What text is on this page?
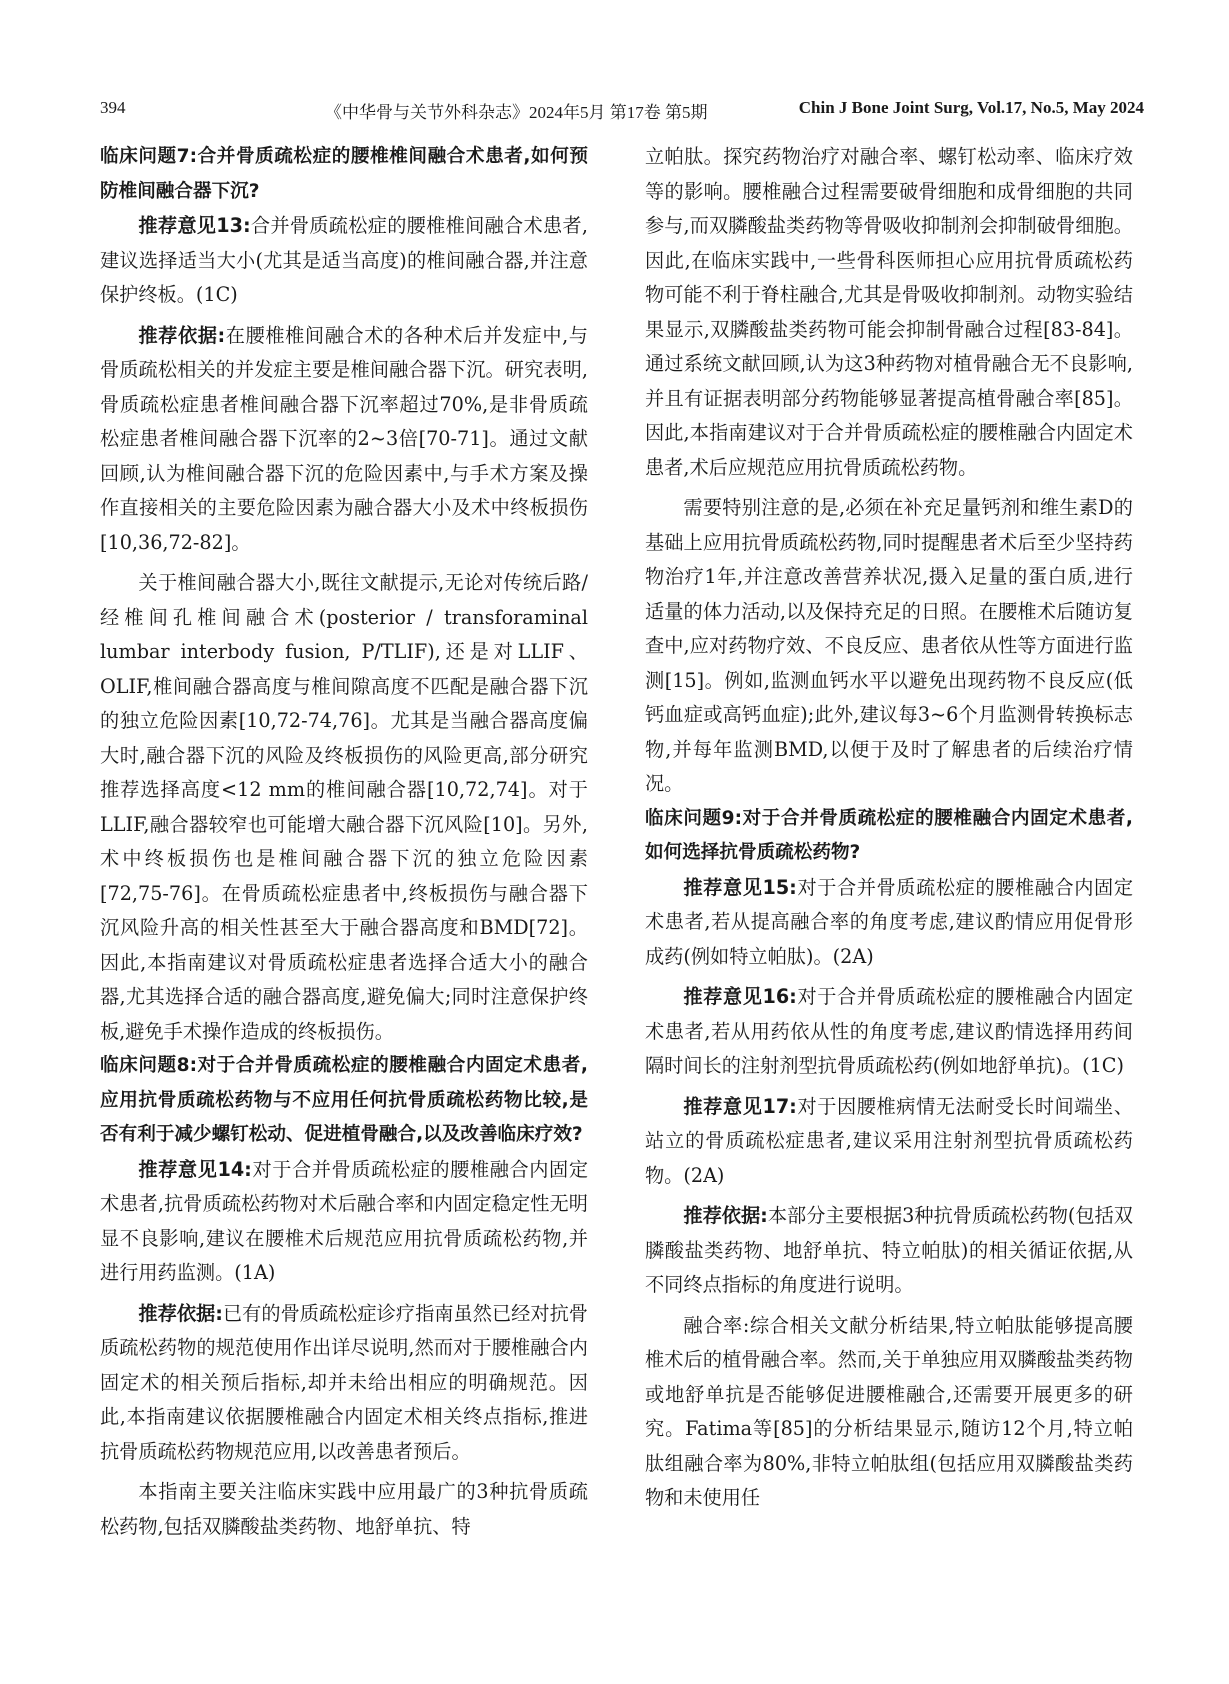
394	《中华骨与关节外科杂志》2024年5月 第17卷 第5期	Chin J Bone Joint Surg, Vol.17, No.5, May 2024

临床问题7:合并骨质疏松症的腰椎椎间融合术患者,如何预防椎间融合器下沉?

推荐意见13:合并骨质疏松症的腰椎椎间融合术患者,建议选择适当大小(尤其是适当高度)的椎间融合器,并注意保护终板。(1C)

推荐依据:在腰椎椎间融合术的各种术后并发症中,与骨质疏松相关的并发症主要是椎间融合器下沉。研究表明,骨质疏松症患者椎间融合器下沉率超过70%,是非骨质疏松症患者椎间融合器下沉率的2~3倍[70-71]。通过文献回顾,认为椎间融合器下沉的危险因素中,与手术方案及操作直接相关的主要危险因素为融合器大小及术中终板损伤[10,36,72-82]。

关于椎间融合器大小,既往文献提示,无论对传统后路/经椎间孔椎间融合术(posterior / transforaminal lumbar interbody fusion, P/TLIF),还是对LLIF、OLIF,椎间融合器高度与椎间隙高度不匹配是融合器下沉的独立危险因素[10,72-74,76]。尤其是当融合器高度偏大时,融合器下沉的风险及终板损伤的风险更高,部分研究推荐选择高度<12 mm的椎间融合器[10,72,74]。对于LLIF,融合器较窄也可能增大融合器下沉风险[10]。另外,术中终板损伤也是椎间融合器下沉的独立危险因素[72,75-76]。在骨质疏松症患者中,终板损伤与融合器下沉风险升高的相关性甚至大于融合器高度和BMD[72]。因此,本指南建议对骨质疏松症患者选择合适大小的融合器,尤其选择合适的融合器高度,避免偏大;同时注意保护终板,避免手术操作造成的终板损伤。

临床问题8:对于合并骨质疏松症的腰椎融合内固定术患者,应用抗骨质疏松药物与不应用任何抗骨质疏松药物比较,是否有利于减少螺钉松动、促进植骨融合,以及改善临床疗效?

推荐意见14:对于合并骨质疏松症的腰椎融合内固定术患者,抗骨质疏松药物对术后融合率和内固定稳定性无明显不良影响,建议在腰椎术后规范应用抗骨质疏松药物,并进行用药监测。(1A)

推荐依据:已有的骨质疏松症诊疗指南虽然已经对抗骨质疏松药物的规范使用作出详尽说明,然而对于腰椎融合内固定术的相关预后指标,却并未给出相应的明确规范。因此,本指南建议依据腰椎融合内固定术相关终点指标,推进抗骨质疏松药物规范应用,以改善患者预后。

本指南主要关注临床实践中应用最广的3种抗骨质疏松药物,包括双膦酸盐类药物、地舒单抗、特

立帕肽。探究药物治疗对融合率、螺钉松动率、临床疗效等的影响。腰椎融合过程需要破骨细胞和成骨细胞的共同参与,而双膦酸盐类药物等骨吸收抑制剂会抑制破骨细胞。因此,在临床实践中,一些骨科医师担心应用抗骨质疏松药物可能不利于脊柱融合,尤其是骨吸收抑制剂。动物实验结果显示,双膦酸盐类药物可能会抑制骨融合过程[83-84]。通过系统文献回顾,认为这3种药物对植骨融合无不良影响,并且有证据表明部分药物能够显著提高植骨融合率[85]。因此,本指南建议对于合并骨质疏松症的腰椎融合内固定术患者,术后应规范应用抗骨质疏松药物。

需要特别注意的是,必须在补充足量钙剂和维生素D的基础上应用抗骨质疏松药物,同时提醒患者术后至少坚持药物治疗1年,并注意改善营养状况,摄入足量的蛋白质,进行适量的体力活动,以及保持充足的日照。在腰椎术后随访复查中,应对药物疗效、不良反应、患者依从性等方面进行监测[15]。例如,监测血钙水平以避免出现药物不良反应(低钙血症或高钙血症);此外,建议每3~6个月监测骨转换标志物,并每年监测BMD,以便于及时了解患者的后续治疗情况。

临床问题9:对于合并骨质疏松症的腰椎融合内固定术患者,如何选择抗骨质疏松药物?

推荐意见15:对于合并骨质疏松症的腰椎融合内固定术患者,若从提高融合率的角度考虑,建议酌情应用促骨形成药(例如特立帕肽)。(2A)

推荐意见16:对于合并骨质疏松症的腰椎融合内固定术患者,若从用药依从性的角度考虑,建议酌情选择用药间隔时间长的注射剂型抗骨质疏松药(例如地舒单抗)。(1C)

推荐意见17:对于因腰椎病情无法耐受长时间端坐、站立的骨质疏松症患者,建议采用注射剂型抗骨质疏松药物。(2A)

推荐依据:本部分主要根据3种抗骨质疏松药物(包括双膦酸盐类药物、地舒单抗、特立帕肽)的相关循证依据,从不同终点指标的角度进行说明。

融合率:综合相关文献分析结果,特立帕肽能够提高腰椎术后的植骨融合率。然而,关于单独应用双膦酸盐类药物或地舒单抗是否能够促进腰椎融合,还需要开展更多的研究。Fatima等[85]的分析结果显示,随访12个月,特立帕肽组融合率为80%,非特立帕肽组(包括应用双膦酸盐类药物和未使用任
